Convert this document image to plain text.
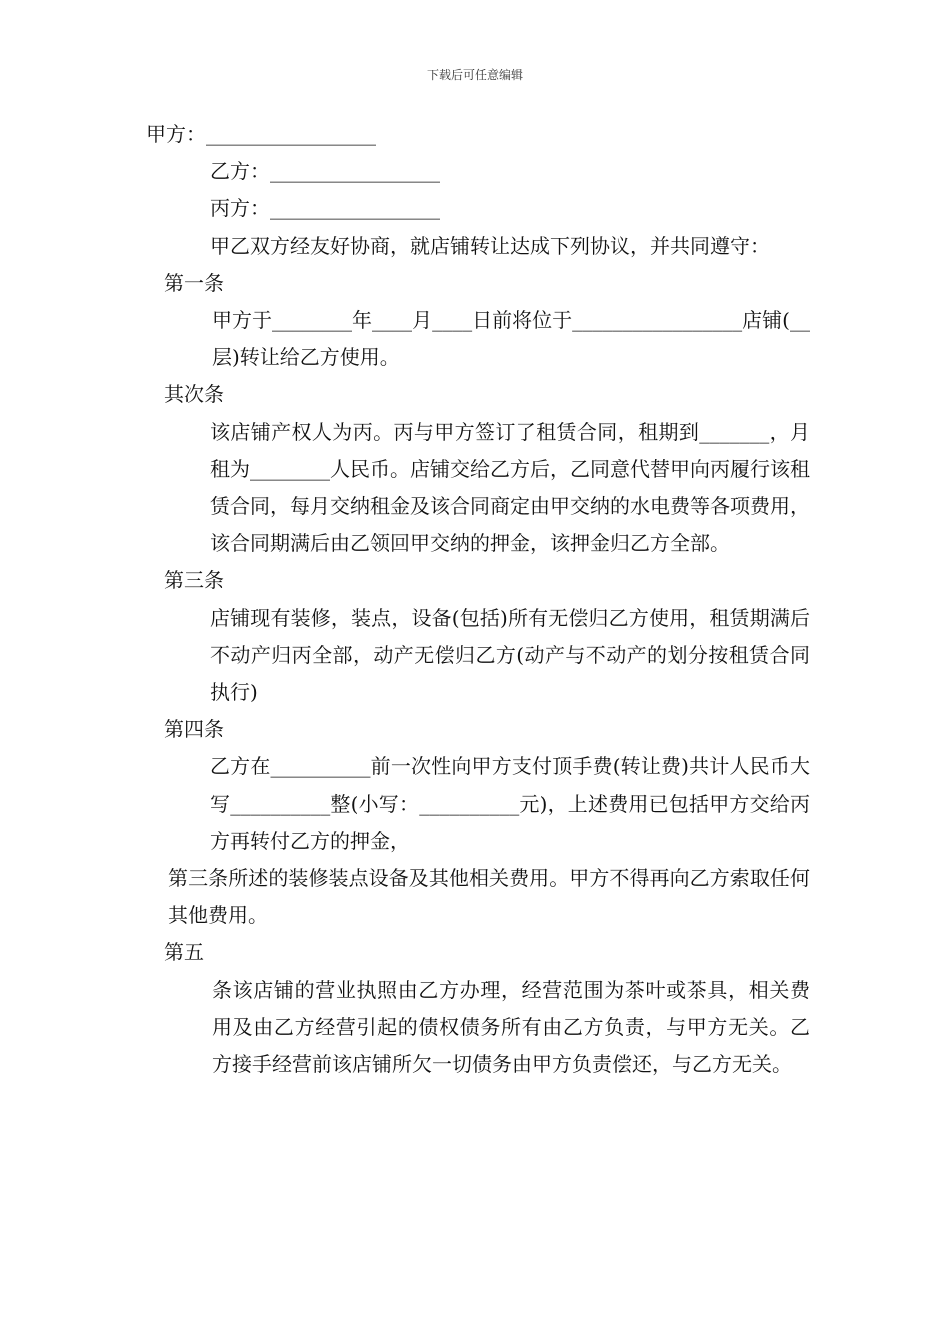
下载后可任意编辑

甲方：_________________

乙方：_________________

丙方：_________________

甲乙双方经友好协商，就店铺转让达成下列协议，并共同遵守：

第一条

甲方于________年____月____日前将位于_________________店铺(__层)转让给乙方使用。

其次条

该店铺产权人为丙。丙与甲方签订了租赁合同，租期到_______，月租为________人民币。店铺交给乙方后，乙同意代替甲向丙履行该租赁合同，每月交纳租金及该合同商定由甲交纳的水电费等各项费用，该合同期满后由乙领回甲交纳的押金，该押金归乙方全部。

第三条

店铺现有装修，装点，设备(包括)所有无偿归乙方使用，租赁期满后不动产归丙全部，动产无偿归乙方(动产与不动产的划分按租赁合同执行)

第四条

乙方在__________前一次性向甲方支付顶手费(转让费)共计人民币大写__________整(小写：__________元)，上述费用已包括甲方交给丙方再转付乙方的押金，

第三条所述的装修装点设备及其他相关费用。甲方不得再向乙方索取任何其他费用。

第五

条该店铺的营业执照由乙方办理，经营范围为茶叶或茶具，相关费用及由乙方经营引起的债权债务所有由乙方负责，与甲方无关。乙方接手经营前该店铺所欠一切债务由甲方负责偿还，与乙方无关。
